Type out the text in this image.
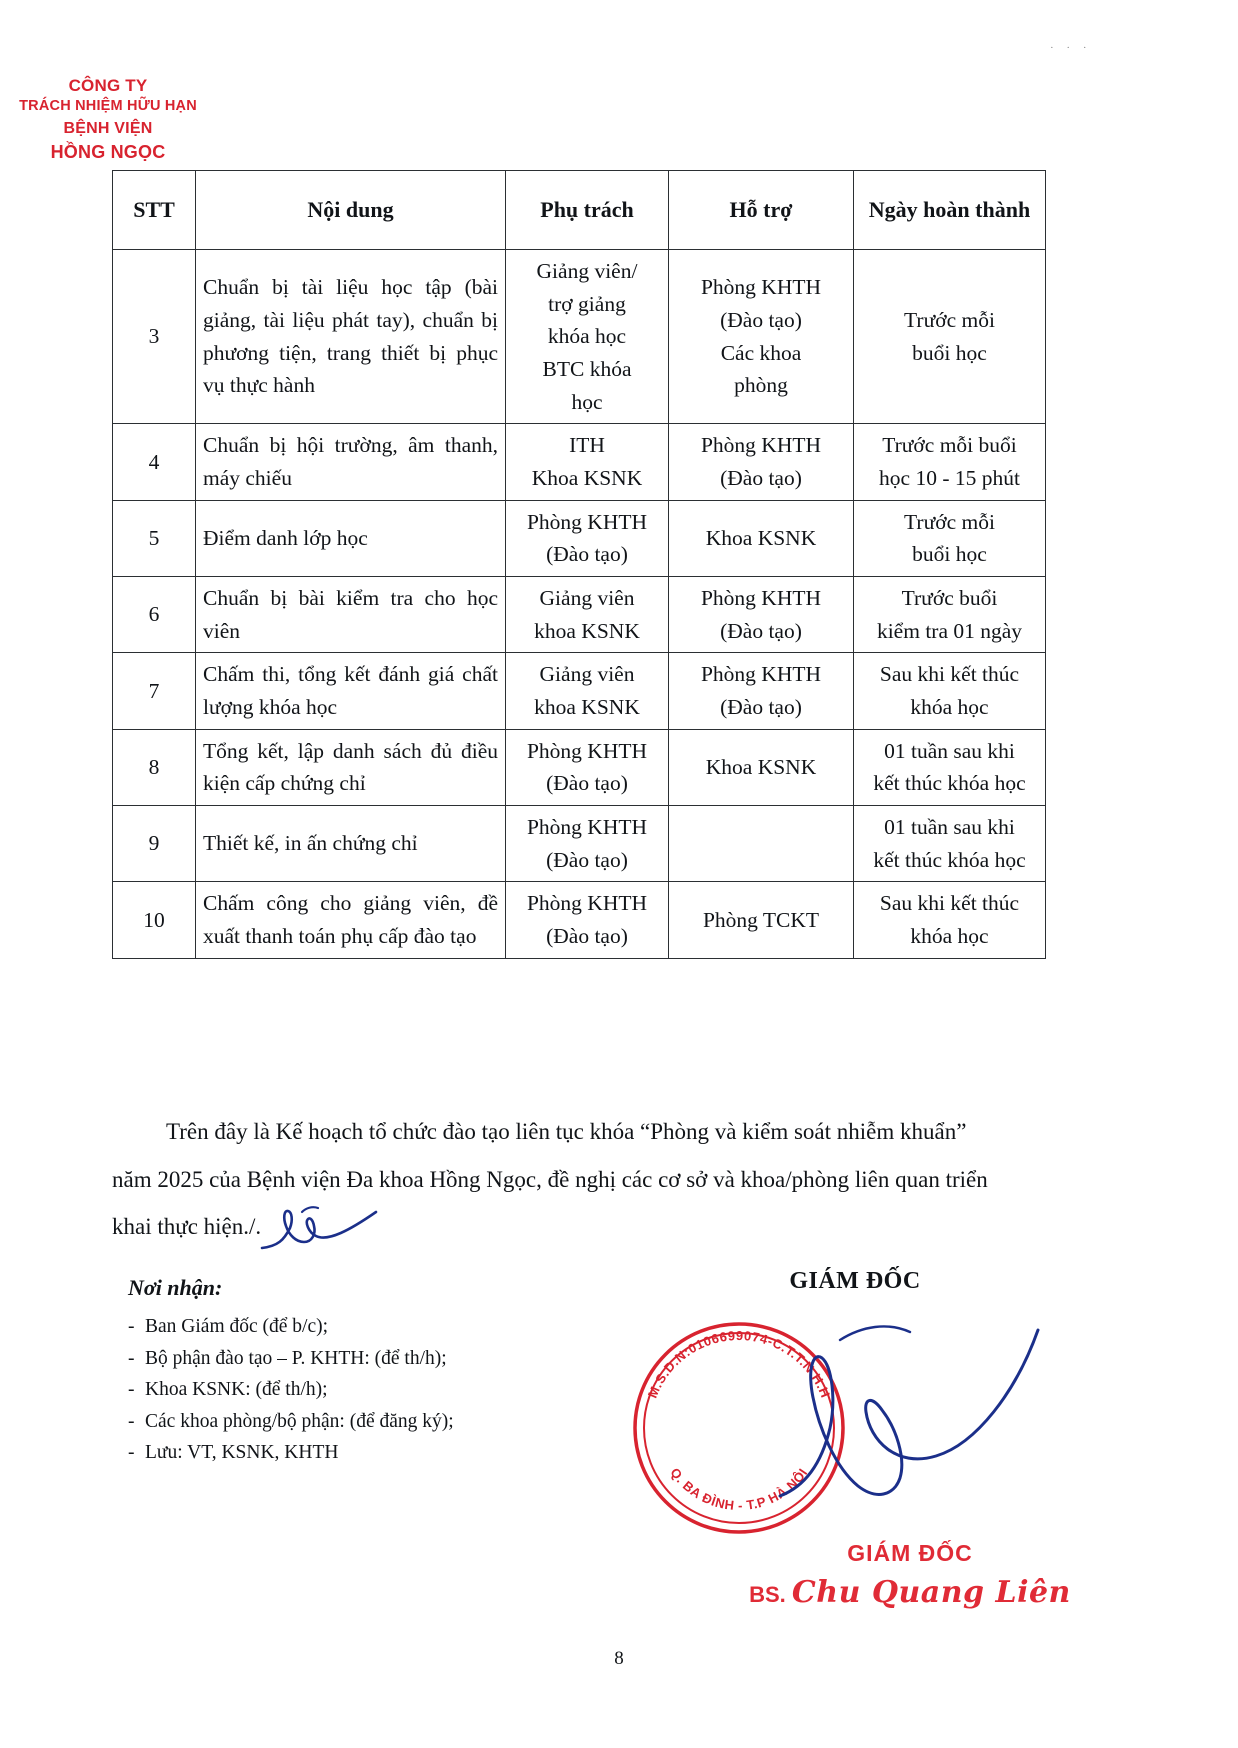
· · ·
STT	Nội dung	Phụ trách	Hỗ trợ	Ngày hoàn thành
3	Chuẩn bị tài liệu học tập (bài giảng, tài liệu phát tay), chuẩn bị phương tiện, trang thiết bị phục vụ thực hành	Giảng viên/
trợ giảng
khóa học
BTC khóa
học	Phòng KHTH
(Đào tạo)
Các khoa
phòng	Trước mỗi
buổi học

4	Chuẩn bị hội trường, âm thanh, máy chiếu	ITH
Khoa KSNK	Phòng KHTH
(Đào tạo)	Trước mỗi buổi
học 10 - 15 phút

5	Điểm danh lớp học	Phòng KHTH
(Đào tạo)	Khoa KSNK	Trước mỗi
buổi học

6	Chuẩn bị bài kiểm tra cho học viên	Giảng viên
khoa KSNK	Phòng KHTH
(Đào tạo)	Trước buổi
kiểm tra 01 ngày

7	Chấm thi, tổng kết đánh giá chất lượng khóa học	Giảng viên
khoa KSNK	Phòng KHTH
(Đào tạo)	Sau khi kết thúc
khóa học

8	Tổng kết, lập danh sách đủ điều kiện cấp chứng chỉ	Phòng KHTH
(Đào tạo)	Khoa KSNK	01 tuần sau khi
kết thúc khóa học

9	Thiết kế, in ấn chứng chỉ	Phòng KHTH
(Đào tạo)		01 tuần sau khi
kết thúc khóa học

10	Chấm công cho giảng viên, đề xuất thanh toán phụ cấp đào tạo	Phòng KHTH
(Đào tạo)	Phòng TCKT	Sau khi kết thúc
khóa học

Trên đây là Kế hoạch tổ chức đào tạo liên tục khóa “Phòng và kiểm soát nhiễm khuẩn”

năm 2025 của Bệnh viện Đa khoa Hồng Ngọc, đề nghị các cơ sở và khoa/phòng liên quan triển

khai thực hiện./.

Nơi nhận:
- Ban Giám đốc (để b/c);
- Bộ phận đào tạo – P. KHTH: (để th/h);
- Khoa KSNK: (để th/h);
- Các khoa phòng/bộ phận: (để đăng ký);
- Lưu: VT, KSNK, KHTH
GIÁM ĐỐC
M.S.D.N:0106699074-C.T.T.N.H.H
Q. BA ĐÌNH - T.P HÀ NỘI
CÔNG TY
TRÁCH NHIỆM HỮU HẠN
BỆNH VIỆN
HỒNG NGỌC
GIÁM ĐỐC
BS. Chu Quang Liên
8
